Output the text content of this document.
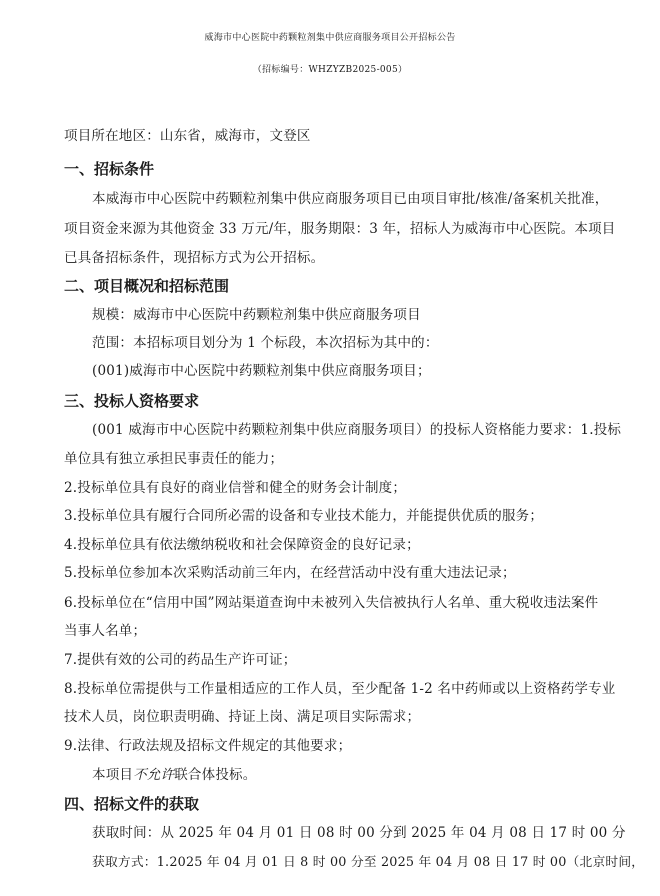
威海市中心医院中药颗粒剂集中供应商服务项目公开招标公告
（招标编号：WHZYZB2025-005）
项目所在地区：山东省，威海市，文登区
一、招标条件
本威海市中心医院中药颗粒剂集中供应商服务项目已由项目审批/核准/备案机关批准，
项目资金来源为其他资金 33 万元/年，服务期限：3 年，招标人为威海市中心医院。本项目
已具备招标条件，现招标方式为公开招标。
二、项目概况和招标范围
规模：威海市中心医院中药颗粒剂集中供应商服务项目
范围：本招标项目划分为 1 个标段，本次招标为其中的：
(001)威海市中心医院中药颗粒剂集中供应商服务项目；
三、投标人资格要求
(001 威海市中心医院中药颗粒剂集中供应商服务项目）的投标人资格能力要求：1.投标
单位具有独立承担民事责任的能力；
2.投标单位具有良好的商业信誉和健全的财务会计制度；
3.投标单位具有履行合同所必需的设备和专业技术能力，并能提供优质的服务；
4.投标单位具有依法缴纳税收和社会保障资金的良好记录；
5.投标单位参加本次采购活动前三年内，在经营活动中没有重大违法记录；
6.投标单位在“信用中国”网站渠道查询中未被列入失信被执行人名单、重大税收违法案件
当事人名单；
7.提供有效的公司的药品生产许可证；
8.投标单位需提供与工作量相适应的工作人员，至少配备 1-2 名中药师或以上资格药学专业
技术人员，岗位职责明确、持证上岗、满足项目实际需求；
9.法律、行政法规及招标文件规定的其他要求；
本项目不允许联合体投标。
四、招标文件的获取
获取时间：从 2025 年 04 月 01 日 08 时 00 分到 2025 年 04 月 08 日 17 时 00 分
获取方式：1.2025 年 04 月 01 日 8 时 00 分至 2025 年 04 月 08 日 17 时 00（北京时间，
